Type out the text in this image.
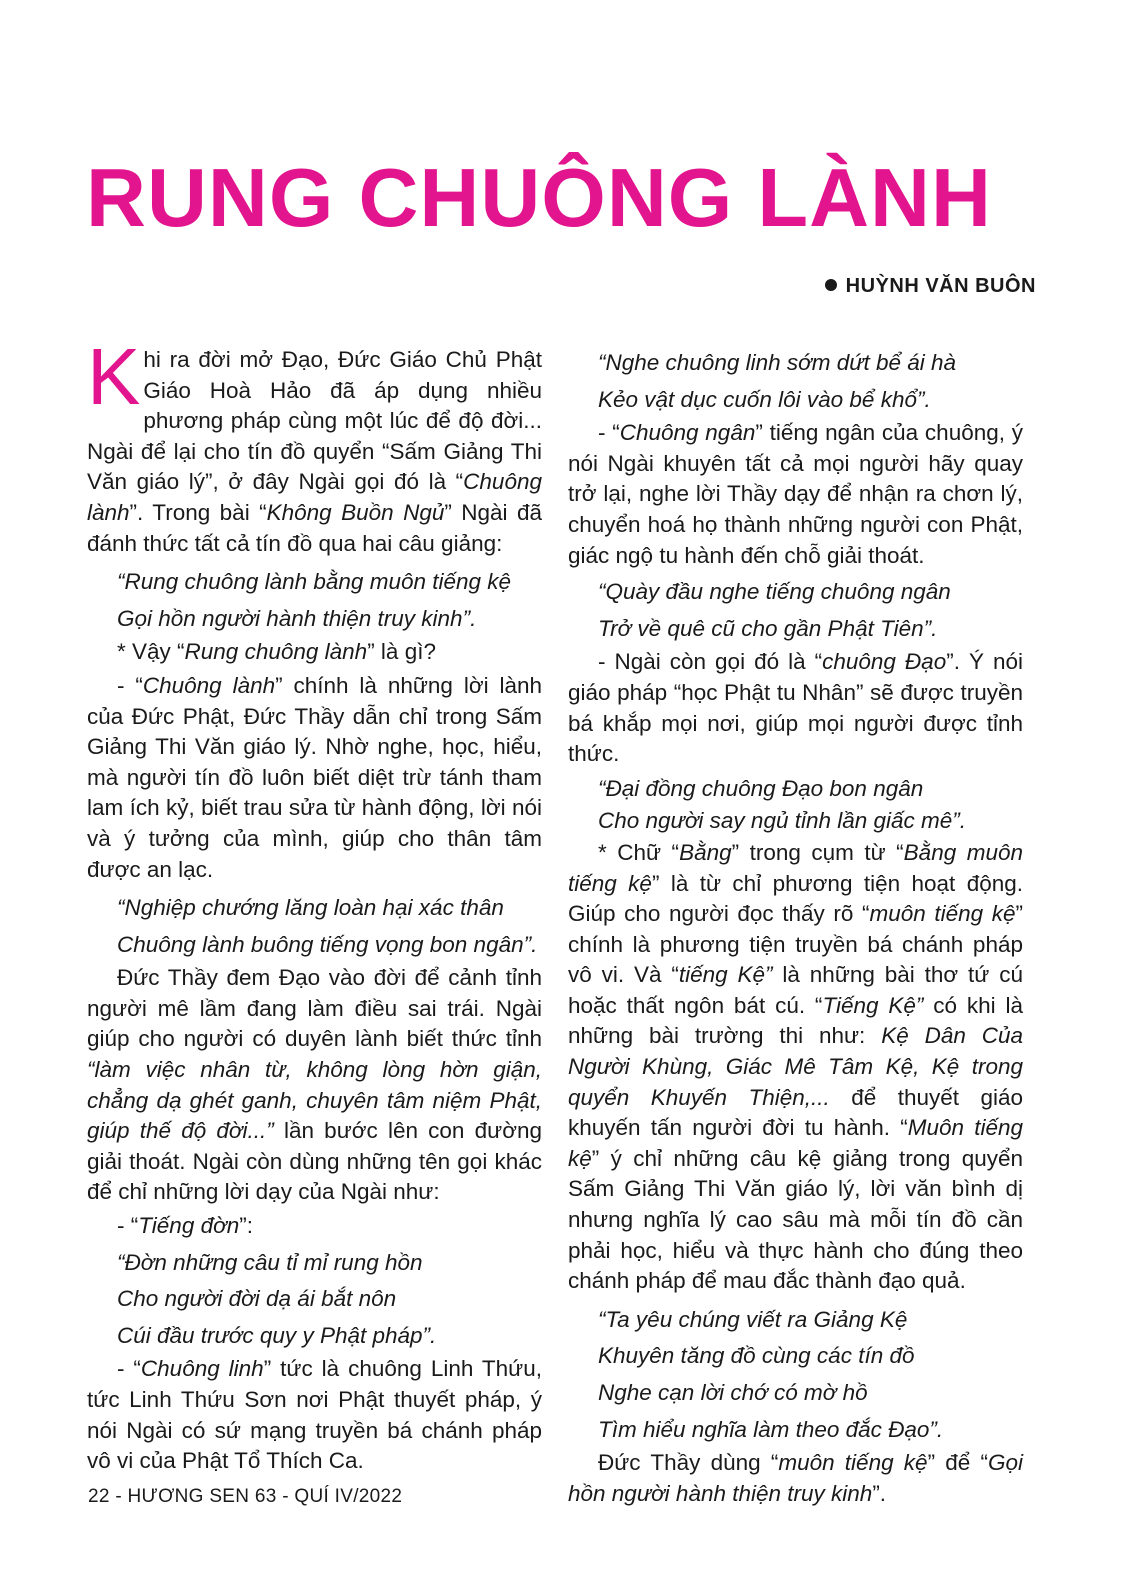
RUNG CHUÔNG LÀNH
HUỲNH VĂN BUÔN

Khi ra đời mở Đạo, Đức Giáo Chủ Phật Giáo Hoà Hảo đã áp dụng nhiều phương pháp cùng một lúc để độ đời... Ngài để lại cho tín đồ quyển “Sấm Giảng Thi Văn giáo lý”, ở đây Ngài gọi đó là “Chuông lành”. Trong bài “Không Buồn Ngủ” Ngài đã đánh thức tất cả tín đồ qua hai câu giảng:

“Rung chuông lành bằng muôn tiếng kệ

Gọi hồn người hành thiện truy kinh”.

* Vậy “Rung chuông lành” là gì?

- “Chuông lành” chính là những lời lành của Đức Phật, Đức Thầy dẫn chỉ trong Sấm Giảng Thi Văn giáo lý. Nhờ nghe, học, hiểu, mà người tín đồ luôn biết diệt trừ tánh tham lam ích kỷ, biết trau sửa từ hành động, lời nói và ý tưởng của mình, giúp cho thân tâm được an lạc.

“Nghiệp chướng lăng loàn hại xác thân

Chuông lành buông tiếng vọng bon ngân”.

Đức Thầy đem Đạo vào đời để cảnh tỉnh người mê lầm đang làm điều sai trái. Ngài giúp cho người có duyên lành biết thức tỉnh “làm việc nhân từ, không lòng hờn giận, chẳng dạ ghét ganh, chuyên tâm niệm Phật, giúp thế độ đời...” lần bước lên con đường giải thoát. Ngài còn dùng những tên gọi khác để chỉ những lời dạy của Ngài như:

- “Tiếng đờn”:

“Đờn những câu tỉ mỉ rung hồn

Cho người đời dạ ái bắt nôn

Cúi đầu trước quy y Phật pháp”.

- “Chuông linh” tức là chuông Linh Thứu, tức Linh Thứu Sơn nơi Phật thuyết pháp, ý nói Ngài có sứ mạng truyền bá chánh pháp vô vi của Phật Tổ Thích Ca.

“Nghe chuông linh sớm dứt bể ái hà

Kẻo vật dục cuốn lôi vào bể khổ”.

- “Chuông ngân” tiếng ngân của chuông, ý nói Ngài khuyên tất cả mọi người hãy quay trở lại, nghe lời Thầy dạy để nhận ra chơn lý, chuyển hoá họ thành những người con Phật, giác ngộ tu hành đến chỗ giải thoát.

“Quày đầu nghe tiếng chuông ngân

Trở về quê cũ cho gần Phật Tiên”.

- Ngài còn gọi đó là “chuông Đạo”. Ý nói giáo pháp “học Phật tu Nhân” sẽ được truyền bá khắp mọi nơi, giúp mọi người được tỉnh thức.

“Đại đồng chuông Đạo bon ngân

Cho người say ngủ tỉnh lần giấc mê”.

* Chữ “Bằng” trong cụm từ “Bằng muôn tiếng kệ” là từ chỉ phương tiện hoạt động. Giúp cho người đọc thấy rõ “muôn tiếng kệ” chính là phương tiện truyền bá chánh pháp vô vi. Và “tiếng Kệ” là những bài thơ tứ cú hoặc thất ngôn bát cú. “Tiếng Kệ” có khi là những bài trường thi như: Kệ Dân Của Người Khùng, Giác Mê Tâm Kệ, Kệ trong quyển Khuyến Thiện,... để thuyết giáo khuyến tấn người đời tu hành. “Muôn tiếng kệ” ý chỉ những câu kệ giảng trong quyển Sấm Giảng Thi Văn giáo lý, lời văn bình dị nhưng nghĩa lý cao sâu mà mỗi tín đồ cần phải học, hiểu và thực hành cho đúng theo chánh pháp để mau đắc thành đạo quả.

“Ta yêu chúng viết ra Giảng Kệ

Khuyên tăng đồ cùng các tín đồ

Nghe cạn lời chớ có mờ hồ

Tìm hiểu nghĩa làm theo đắc Đạo”.

Đức Thầy dùng “muôn tiếng kệ” để “Gọi hồn người hành thiện truy kinh”.

22 - HƯƠNG SEN 63 - QUÍ IV/2022
